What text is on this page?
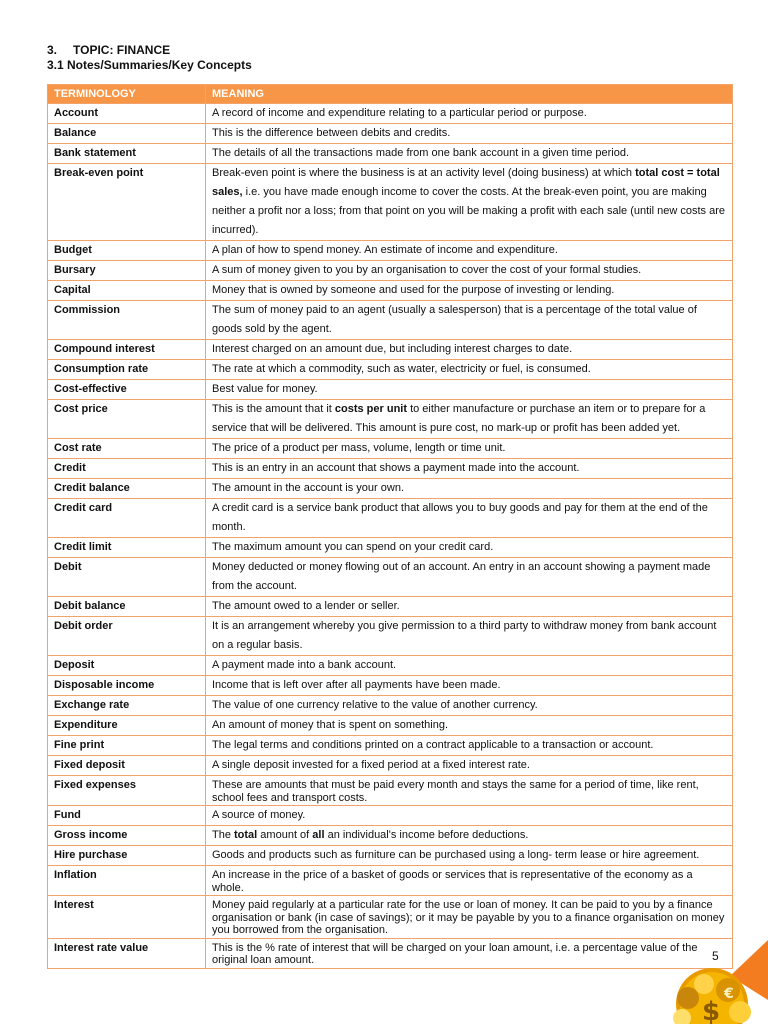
3. TOPIC: FINANCE
3.1 Notes/Summaries/Key Concepts
TERMINOLOGY	MEANING
Account	A record of income and expenditure relating to a particular period or purpose.
Balance	This is the difference between debits and credits.
Bank statement	The details of all the transactions made from one bank account in a given time period.
Break-even point	Break-even point is where the business is at an activity level (doing business) at which total cost = total sales, i.e. you have made enough income to cover the costs. At the break-even point, you are making neither a profit nor a loss; from that point on you will be making a profit with each sale (until new costs are incurred).
Budget	A plan of how to spend money. An estimate of income and expenditure.
Bursary	A sum of money given to you by an organisation to cover the cost of your formal studies.
Capital	Money that is owned by someone and used for the purpose of investing or lending.
Commission	The sum of money paid to an agent (usually a salesperson) that is a percentage of the total value of goods sold by the agent.
Compound interest	Interest charged on an amount due, but including interest charges to date.
Consumption rate	The rate at which a commodity, such as water, electricity or fuel, is consumed.
Cost-effective	Best value for money.
Cost price	This is the amount that it costs per unit to either manufacture or purchase an item or to prepare for a service that will be delivered. This amount is pure cost, no mark-up or profit has been added yet.
Cost rate	The price of a product per mass, volume, length or time unit.
Credit	This is an entry in an account that shows a payment made into the account.
Credit balance	The amount in the account is your own.
Credit card	A credit card is a service bank product that allows you to buy goods and pay for them at the end of the month.
Credit limit	The maximum amount you can spend on your credit card.
Debit	Money deducted or money flowing out of an account. An entry in an account showing a payment made from the account.
Debit balance	The amount owed to a lender or seller.
Debit order	It is an arrangement whereby you give permission to a third party to withdraw money from bank account on a regular basis.
Deposit	A payment made into a bank account.
Disposable income	Income that is left over after all payments have been made.
Exchange rate	The value of one currency relative to the value of another currency.
Expenditure	An amount of money that is spent on something.
Fine print	The legal terms and conditions printed on a contract applicable to a transaction or account.
Fixed deposit	A single deposit invested for a fixed period at a fixed interest rate.
Fixed expenses	These are amounts that must be paid every month and stays the same for a period of time, like rent, school fees and transport costs.
Fund	A source of money.
Gross income	The total amount of all an individual's income before deductions.
Hire purchase	Goods and products such as furniture can be purchased using a long- term lease or hire agreement.
Inflation	An increase in the price of a basket of goods or services that is representative of the economy as a whole.
Interest	Money paid regularly at a particular rate for the use or loan of money. It can be paid to you by a finance organisation or bank (in case of savings); or it may be payable by you to a finance organisation on money you borrowed from the organisation.
Interest rate value	This is the % rate of interest that will be charged on your loan amount, i.e. a percentage value of the original loan amount.	5
$
€
